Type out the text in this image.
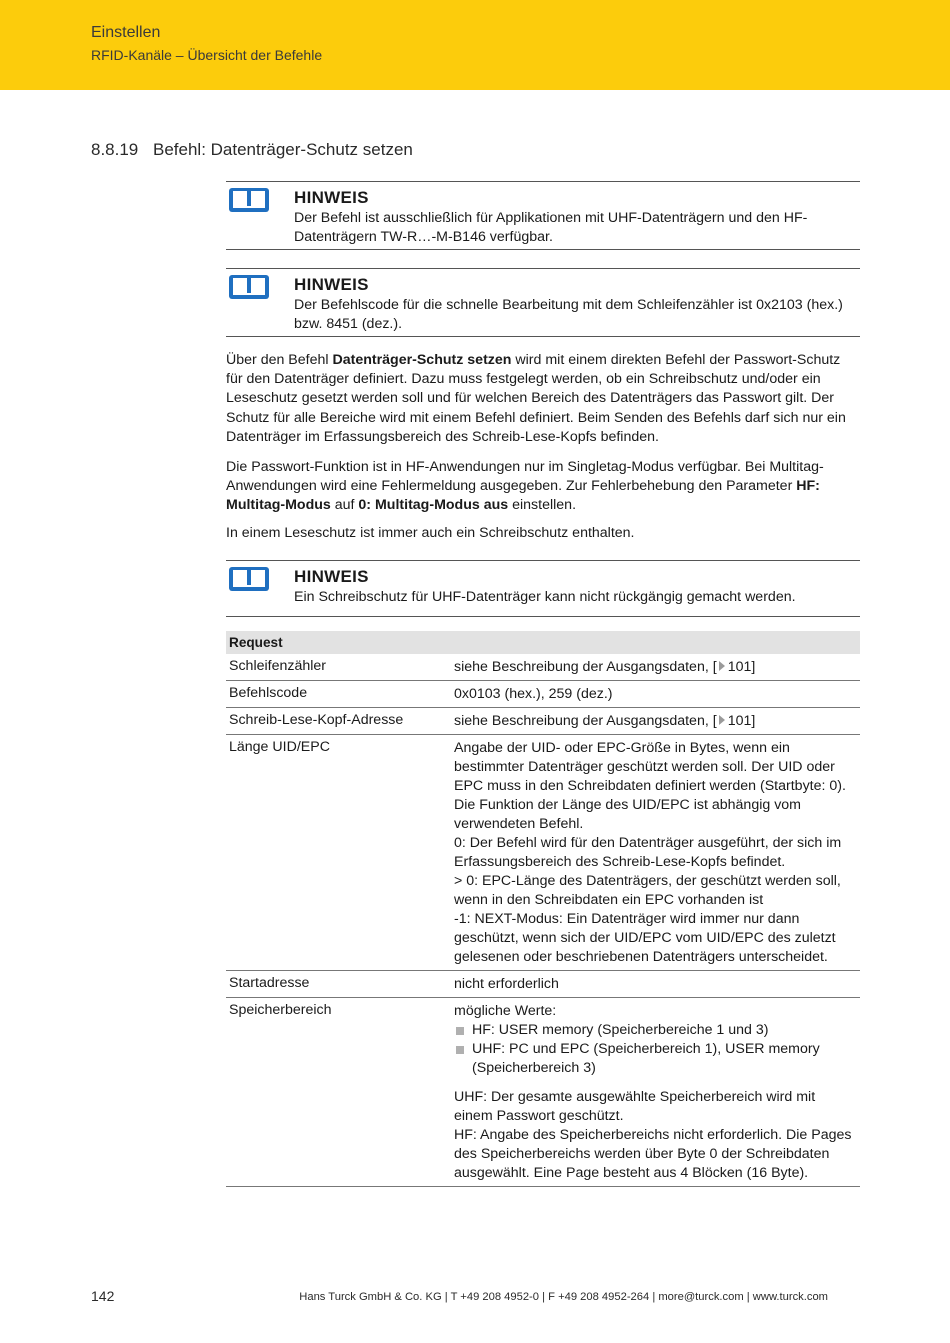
Einstellen
RFID-Kanäle – Übersicht der Befehle
8.8.19 Befehl: Datenträger-Schutz setzen
HINWEIS
Der Befehl ist ausschließlich für Applikationen mit UHF-Datenträgern und den HF-Datenträgern TW-R…-M-B146 verfügbar.
HINWEIS
Der Befehlscode für die schnelle Bearbeitung mit dem Schleifenzähler ist 0x2103 (hex.) bzw. 8451 (dez.).
Über den Befehl Datenträger-Schutz setzen wird mit einem direkten Befehl der Passwort-Schutz für den Datenträger definiert. Dazu muss festgelegt werden, ob ein Schreibschutz und/oder ein Leseschutz gesetzt werden soll und für welchen Bereich des Datenträgers das Passwort gilt. Der Schutz für alle Bereiche wird mit einem Befehl definiert. Beim Senden des Befehls darf sich nur ein Datenträger im Erfassungsbereich des Schreib-Lese-Kopfs befinden.
Die Passwort-Funktion ist in HF-Anwendungen nur im Singletag-Modus verfügbar. Bei Multitag-Anwendungen wird eine Fehlermeldung ausgegeben. Zur Fehlerbehebung den Parameter HF: Multitag-Modus auf 0: Multitag-Modus aus einstellen.
In einem Leseschutz ist immer auch ein Schreibschutz enthalten.
HINWEIS
Ein Schreibschutz für UHF-Datenträger kann nicht rückgängig gemacht werden.
Request
Schleifenzähler	siehe Beschreibung der Ausgangsdaten, [ 101]
Befehlscode	0x0103 (hex.), 259 (dez.)
Schreib-Lese-Kopf-Adresse	siehe Beschreibung der Ausgangsdaten, [ 101]
Länge UID/EPC	Angabe der UID- oder EPC-Größe in Bytes, wenn ein bestimmter Datenträger geschützt werden soll. Der UID oder EPC muss in den Schreibdaten definiert werden (Startbyte: 0). Die Funktion der Länge des UID/EPC ist abhängig vom verwendeten Befehl.
0: Der Befehl wird für den Datenträger ausgeführt, der sich im Erfassungsbereich des Schreib-Lese-Kopfs befindet.
> 0: EPC-Länge des Datenträgers, der geschützt werden soll, wenn in den Schreibdaten ein EPC vorhanden ist
-1: NEXT-Modus: Ein Datenträger wird immer nur dann geschützt, wenn sich der UID/EPC vom UID/EPC des zuletzt gelesenen oder beschriebenen Datenträgers unterscheidet.
Startadresse	nicht erforderlich
Speicherbereich	mögliche Werte:
HF: USER memory (Speicherbereiche 1 und 3)
UHF: PC und EPC (Speicherbereich 1), USER memory (Speicherbereich 3)
UHF: Der gesamte ausgewählte Speicherbereich wird mit einem Passwort geschützt.
HF: Angabe des Speicherbereichs nicht erforderlich. Die Pages des Speicherbereichs werden über Byte 0 der Schreibdaten ausgewählt. Eine Page besteht aus 4 Blöcken (16 Byte).
142	Hans Turck GmbH & Co. KG | T +49 208 4952-0 | F +49 208 4952-264 | more@turck.com | www.turck.com
